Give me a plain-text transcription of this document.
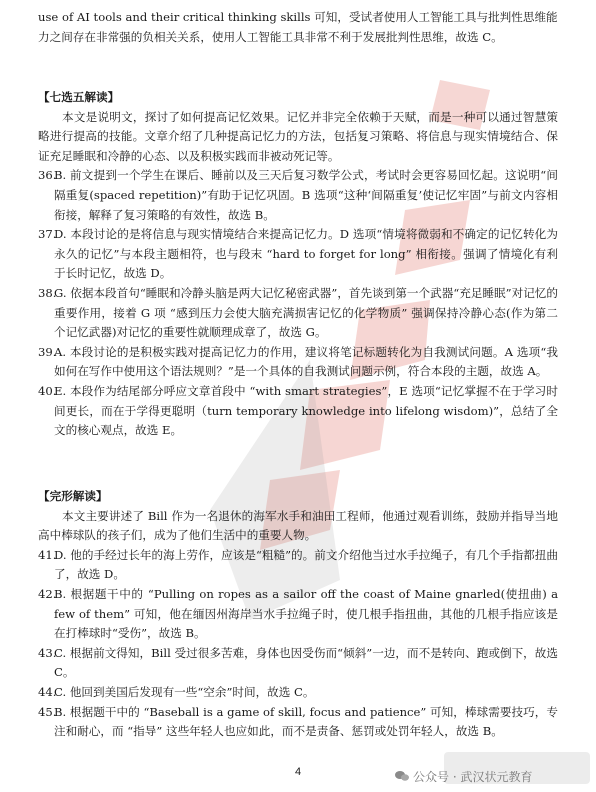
use of AI tools and their critical thinking skills 可知，受试者使用人工智能工具与批判性思维能

力之间存在非常强的负相关关系，使用人工智能工具非常不利于发展批判性思维，故选 C。

【七选五解读】

本文是说明文，探讨了如何提高记忆效果。记忆并非完全依赖于天赋，而是一种可以通过智慧策略进行提高的技能。文章介绍了几种提高记忆力的方法，包括复习策略、将信息与现实情境结合、保证充足睡眠和冷静的心态、以及积极实践而非被动死记等。

36.
B. 前文提到一个学生在课后、睡前以及三天后复习数学公式，考试时会更容易回忆起。这说明“间隔重复(spaced repetition)”有助于记忆巩固。B 选项“这种‘间隔重复’使记忆牢固”与前文内容相衔接，解释了复习策略的有效性，故选 B。

37.
D. 本段讨论的是将信息与现实情境结合来提高记忆力。D 选项“情境将微弱和不确定的记忆转化为永久的记忆”与本段主题相符，也与段末 “hard to forget for long” 相衔接。强调了情境化有利于长时记忆，故选 D。

38.
G. 依据本段首句“睡眠和冷静头脑是两大记忆秘密武器”，首先谈到第一个武器“充足睡眠”对记忆的重要作用，接着 G 项 “感到压力会使大脑充满损害记忆的化学物质” 强调保持冷静心态(作为第二个记忆武器)对记忆的重要性就顺理成章了，故选 G。

39.
A. 本段讨论的是积极实践对提高记忆力的作用，建议将笔记标题转化为自我测试问题。A 选项“我如何在写作中使用这个语法规则？”是一个具体的自我测试问题示例，符合本段的主题，故选 A。

40.
E. 本段作为结尾部分呼应文章首段中 “with smart strategies”，E 选项“记忆掌握不在于学习时间更长，而在于学得更聪明（turn temporary knowledge into lifelong wisdom)”，总结了全文的核心观点，故选 E。

【完形解读】

本文主要讲述了 Bill 作为一名退休的海军水手和油田工程师，他通过观看训练，鼓励并指导当地高中棒球队的孩子们，成为了他们生活中的重要人物。

41.
D. 他的手经过长年的海上劳作，应该是“粗糙”的。前文介绍他当过水手拉绳子，有几个手指都扭曲了，故选 D。

42.
B. 根据题干中的 “Pulling on ropes as a sailor off the coast of Maine gnarled(使扭曲) a few of them” 可知，他在缅因州海岸当水手拉绳子时，使几根手指扭曲，其他的几根手指应该是在打棒球时“受伤”，故选 B。

43.
C. 根据前文得知，Bill 受过很多苦难，身体也因受伤而“倾斜”一边，而不是转向、跑或倒下，故选 C。

44.
C. 他回到美国后发现有一些“空余”时间，故选 C。

45.
B. 根据题干中的 “Baseball is a game of skill, focus and patience” 可知，棒球需要技巧，专注和耐心，而 “指导” 这些年轻人也应如此，而不是责备、惩罚或处罚年轻人，故选 B。

4	公众号 · 武汉状元教育
